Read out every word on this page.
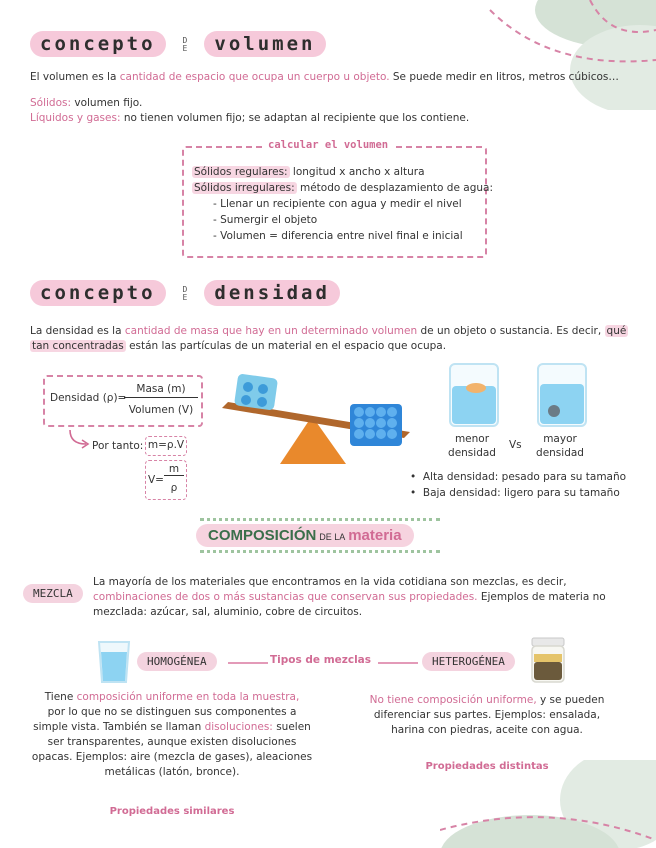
concepto	D
E volumen
El volumen es la cantidad de espacio que ocupa un cuerpo u objeto. Se puede medir en litros, metros cúbicos…
Sólidos: volumen fijo.
Líquidos y gases: no tienen volumen fijo; se adaptan al recipiente que los contiene.
calcular el volumen
Sólidos regulares: longitud x ancho x altura
Sólidos irregulares: método de desplazamiento de agua:
- Llenar un recipiente con agua y medir el nivel
- Sumergir el objeto
- Volumen = diferencia entre nivel final e inicial
concepto	D
E densidad
La densidad es la cantidad de masa que hay en un determinado volumen de un objeto o sustancia. Es decir, qué
tan concentradas están las partículas de un material en el espacio que ocupa.
Densidad (ρ)=
Masa (m)
Volumen (V)
Por tanto: m=ρ.V
V=
m
ρ
menor
densidad
Vs	mayor
densidad
•  Alta densidad: pesado para su tamaño
•  Baja densidad: ligero para su tamaño
COMPOSICIÓN DE LA materia
MEZCLA
La mayoría de los materiales que encontramos en la vida cotidiana son mezclas, es decir, combinaciones de dos o más sustancias que conservan sus propiedades. Ejemplos de materia no mezclada: azúcar, sal, aluminio, cobre de circuitos.
HOMOGÉNEA	Tipos de mezclas	HETEROGÉNEA
Tiene composición uniforme en toda la muestra,
por lo que no se distinguen sus componentes a
simple vista. También se llaman disoluciones: suelen
ser transparentes, aunque existen disoluciones
opacas. Ejemplos: aire (mezcla de gases), aleaciones
metálicas (latón, bronce).
Propiedades similares
No tiene composición uniforme, y se pueden
diferenciar sus partes. Ejemplos: ensalada,
harina con piedras, aceite con agua.
Propiedades distintas
